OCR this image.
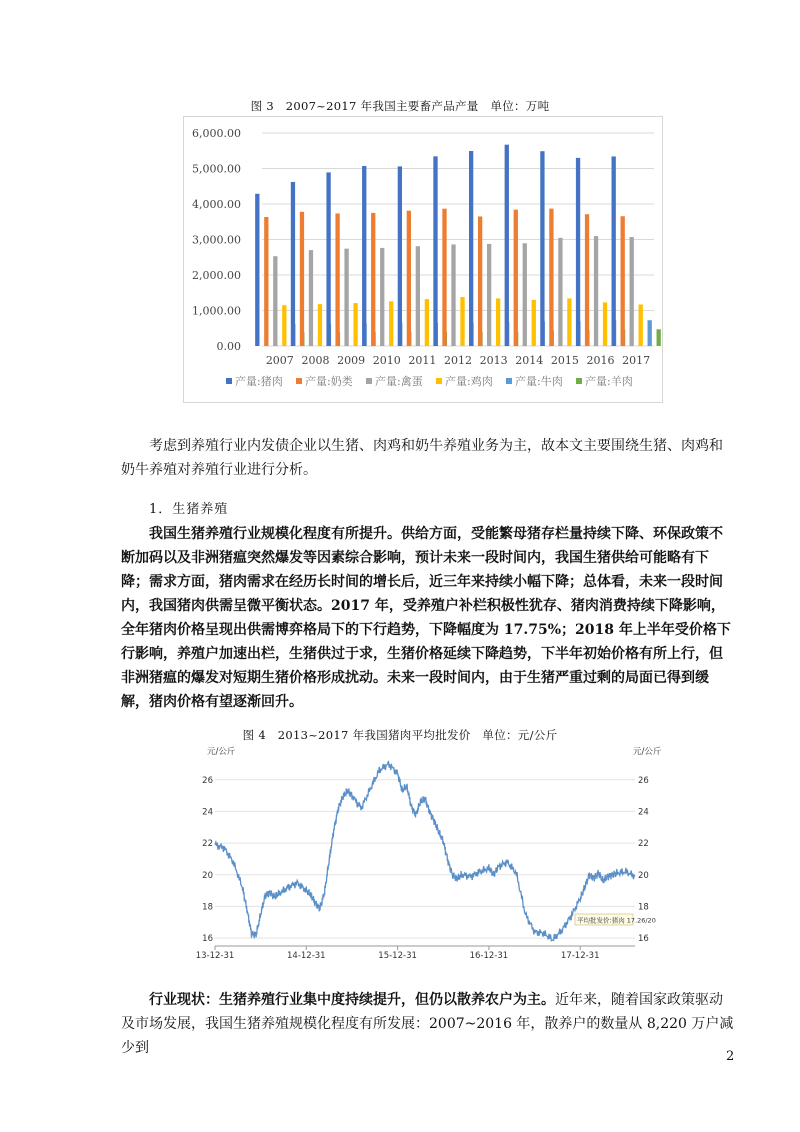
图 3　2007~2017 年我国主要畜产品产量　单位：万吨
0.00
1,000.00
2,000.00
3,000.00
4,000.00
5,000.00
6,000.00
2007 2008 2009 2010 2011 2012 2013 2014 2015 2016 2017
产量:猪肉 产量:奶类 产量:禽蛋 产量:鸡肉 产量:牛肉 产量:羊肉

考虑到养殖行业内发债企业以生猪、肉鸡和奶牛养殖业务为主，故本文主要围绕生猪、肉鸡和奶牛养殖对养殖行业进行分析。

1．生猪养殖

我国生猪养殖行业规模化程度有所提升。供给方面，受能繁母猪存栏量持续下降、环保政策不断加码以及非洲猪瘟突然爆发等因素综合影响，预计未来一段时间内，我国生猪供给可能略有下降；需求方面，猪肉需求在经历长时间的增长后，近三年来持续小幅下降；总体看，未来一段时间内，我国猪肉供需呈微平衡状态。2017 年，受养殖户补栏积极性犹存、猪肉消费持续下降影响，全年猪肉价格呈现出供需博弈格局下的下行趋势，下降幅度为 17.75%；2018 年上半年受价格下行影响，养殖户加速出栏，生猪供过于求，生猪价格延续下降趋势，下半年初始价格有所上行，但非洲猪瘟的爆发对短期生猪价格形成扰动。未来一段时间内，由于生猪严重过剩的局面已得到缓解，猪肉价格有望逐渐回升。

图 4　2013~2017 年我国猪肉平均批发价　单位：元/公斤
16	16
18	18
20	20
22	22
24	24
26	26
元/公斤	元/公斤
13-12-31	14-12-31	15-12-31	16-12-31	17-12-31
平均批发价:猪肉 17.26/20

行业现状：生猪养殖行业集中度持续提升，但仍以散养农户为主。近年来，随着国家政策驱动及市场发展，我国生猪养殖规模化程度有所发展：2007~2016 年，散养户的数量从 8,220 万户减少到

2
